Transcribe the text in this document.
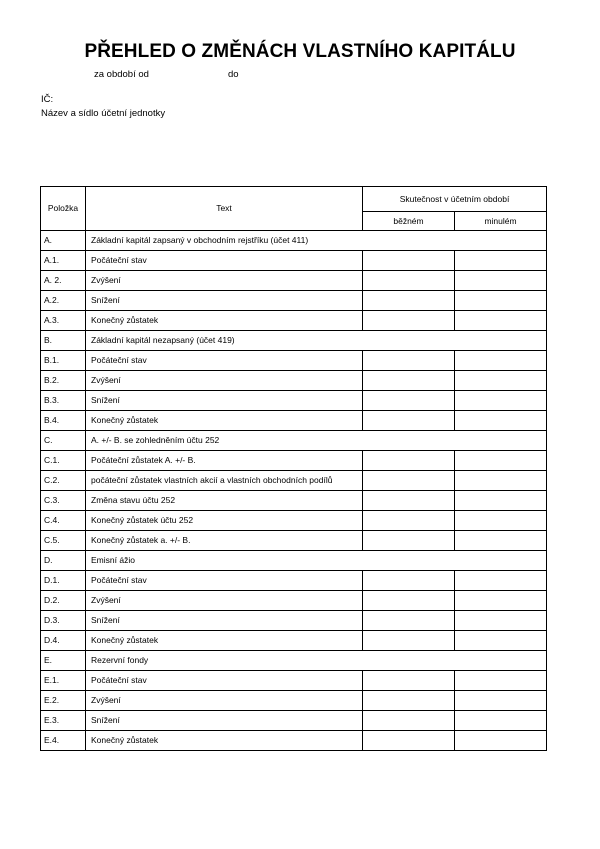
PŘEHLED O ZMĚNÁCH VLASTNÍHO KAPITÁLU
za období od	do
IČ:
Název a sídlo účetní jednotky
Položka	Text	Skutečnost v účetním období	
		běžném	minulém
A.	Základní kapitál zapsaný v obchodním rejstříku (účet 411)		
A.1.	Počáteční stav		
A. 2.	Zvýšení		
A.2.	Snížení		
A.3.	Konečný zůstatek		
B.	Základní kapitál nezapsaný (účet 419)		
B.1.	Počáteční stav		
B.2.	Zvýšení		
B.3.	Snížení		
B.4.	Konečný zůstatek		
C.	A. +/- B. se zohledněním účtu 252		
C.1.	Počáteční zůstatek A. +/- B.		
C.2.	počáteční zůstatek vlastních akcií a vlastních obchodních podílů		
C.3.	Změna stavu účtu 252		
C.4.	Konečný zůstatek účtu 252		
C.5.	Konečný zůstatek a. +/- B.		
D.	Emisní ážio		
D.1.	Počáteční stav		
D.2.	Zvýšení		
D.3.	Snížení		
D.4.	Konečný zůstatek		
E.	Rezervní fondy		
E.1.	Počáteční stav		
E.2.	Zvýšení		
E.3.	Snížení		
E.4.	Konečný zůstatek		
